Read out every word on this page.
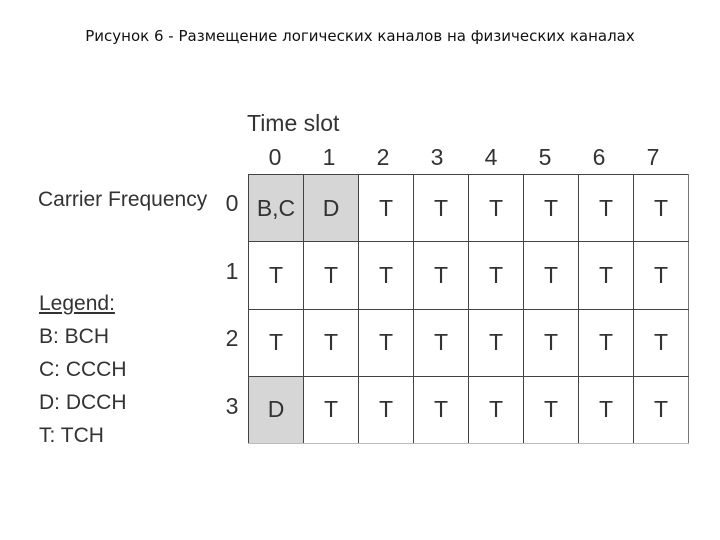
Рисунок 6 - Размещение логических каналов на физических каналах
Time slot
0	1	2	3	4	5	6	7
Carrier Frequency 0
1
2
3
Legend:
B: BCH
C: CCCH
D: DCCH
T: TCH
B,C	D	T	T	T	T	T	T
T	T	T	T	T	T	T	T
T	T	T	T	T	T	T	T
D	T	T	T	T	T	T	T
